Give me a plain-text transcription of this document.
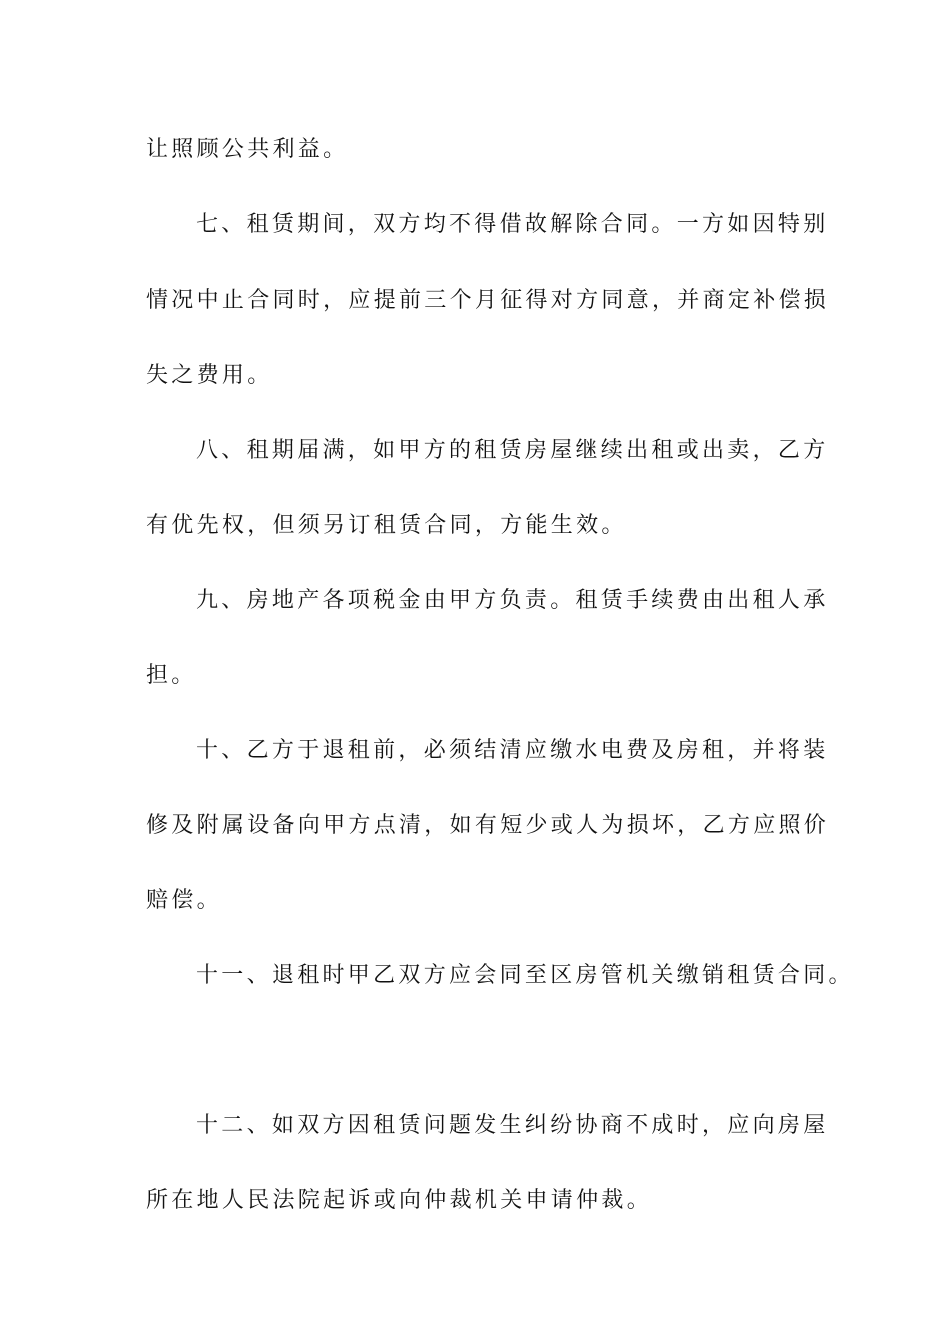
让照顾公共利益。
七、租赁期间，双方均不得借故解除合同。一方如因特别
情况中止合同时，应提前三个月征得对方同意，并商定补偿损
失之费用。
八、租期届满，如甲方的租赁房屋继续出租或出卖，乙方
有优先权，但须另订租赁合同，方能生效。
九、房地产各项税金由甲方负责。租赁手续费由出租人承
担。
十、乙方于退租前，必须结清应缴水电费及房租，并将装
修及附属设备向甲方点清，如有短少或人为损坏，乙方应照价
赔偿。
十一、退租时甲乙双方应会同至区房管机关缴销租赁合同。
十二、如双方因租赁问题发生纠纷协商不成时，应向房屋
所在地人民法院起诉或向仲裁机关申请仲裁。
